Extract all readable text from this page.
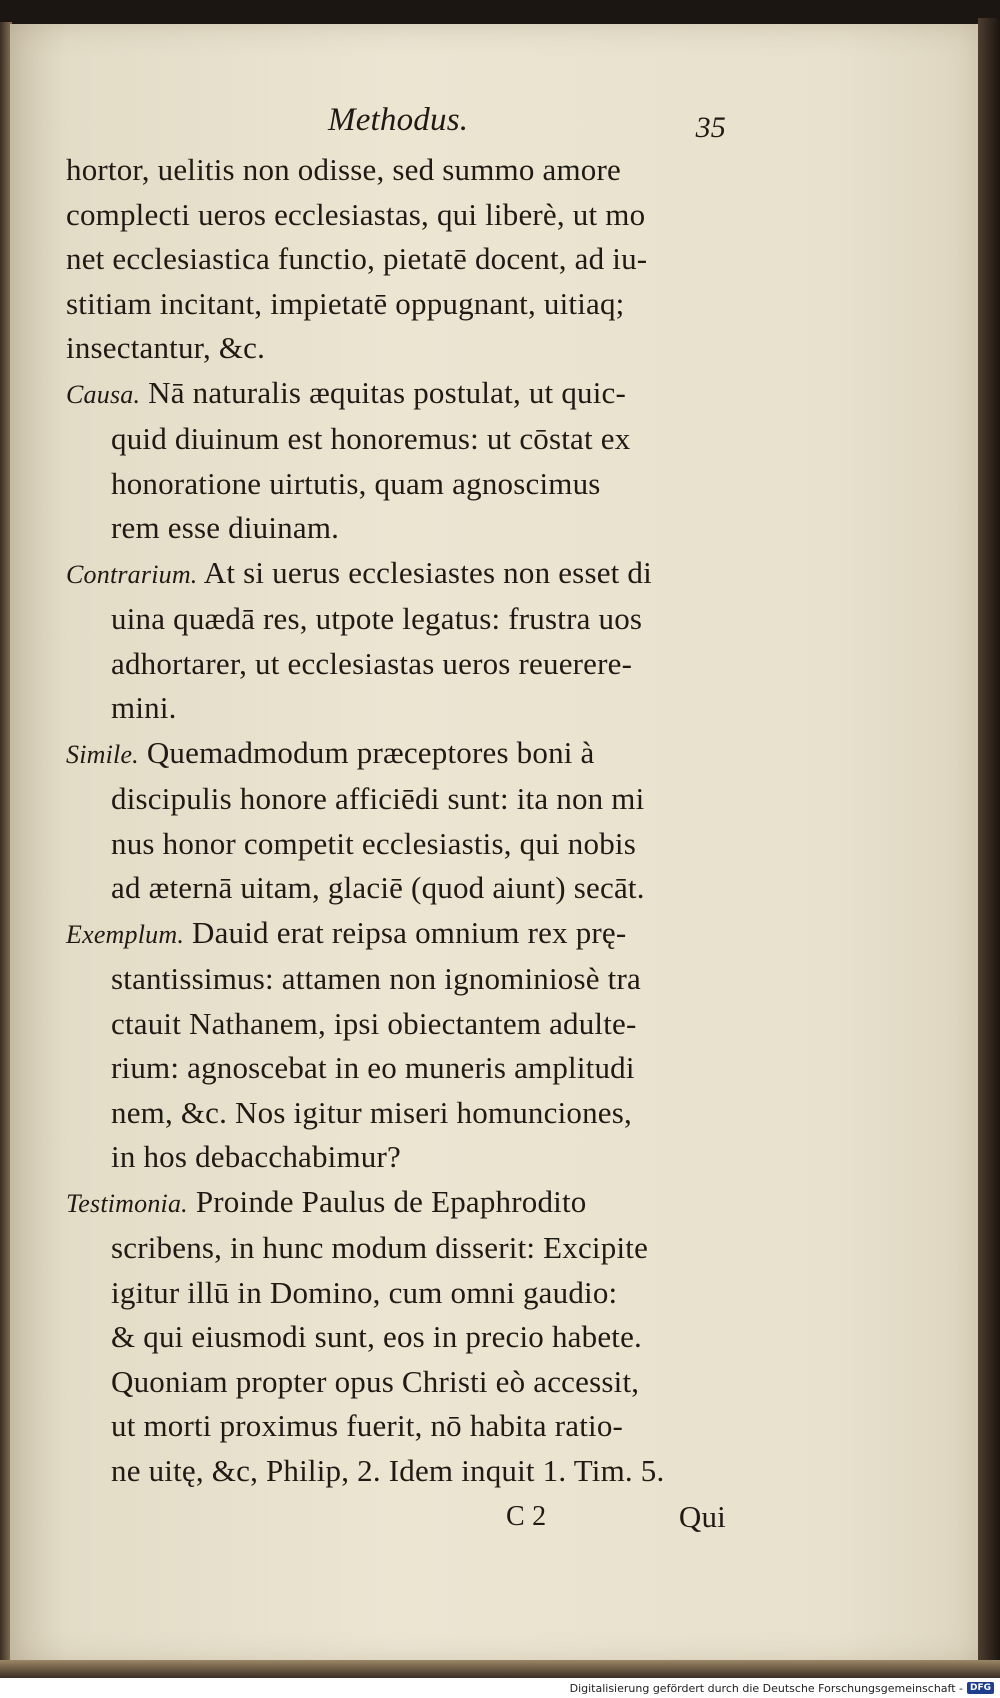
Methodus.	35
hortor, uelitis non odisse, sed summo amore
complecti ueros ecclesiastas, qui liberè, ut mo
net ecclesiastica functio, pietatē docent, ad iu-
stitiam incitant, impietatē oppugnant, uitiaq;
insectantur, &c.
Causa. Nā naturalis æquitas postulat, ut quic-
quid diuinum est honoremus: ut cōstat ex
honoratione uirtutis, quam agnoscimus
rem esse diuinam.
Contrarium. At si uerus ecclesiastes non esset di
uina quædā res, utpote legatus: frustra uos
adhortarer, ut ecclesiastas ueros reuerere-
mini.
Simile. Quemadmodum præceptores boni à
discipulis honore afficiēdi sunt: ita non mi
nus honor competit ecclesiastis, qui nobis
ad æternā uitam, glaciē (quod aiunt) secāt.
Exemplum. Dauid erat reipsa omnium rex prę-
stantissimus: attamen non ignominiosè tra
ctauit Nathanem, ipsi obiectantem adulte-
rium: agnoscebat in eo muneris amplitudi
nem, &c. Nos igitur miseri homunciones,
in hos debacchabimur?
Testimonia. Proinde Paulus de Epaphrodito
scribens, in hunc modum disserit: Excipite
igitur illū in Domino, cum omni gaudio:
& qui eiusmodi sunt, eos in precio habete.
Quoniam propter opus Christi eò accessit,
ut morti proximus fuerit, nō habita ratio-
ne uitę, &c, Philip, 2. Idem inquit 1. Tim. 5.
C 2	Qui
Digitalisierung gefördert durch die Deutsche Forschungsgemeinschaft - DFG
